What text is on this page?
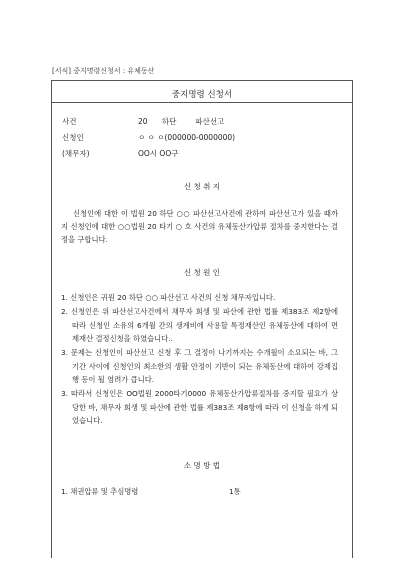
[서식] 중지명령신청서 : 유체동산
중지명령 신청서
사건	20      하단        파산선고
신청인	ㅇ ㅇ ㅇ(000000-0000000)
(채무자)	OO시 OO구
신 청 취 지
신청인에 대한 이 법원 20 하단 ○○ 파산선고사건에 관하여 파산선고가 있을 때까지 신청인에 대한 ○○법원 20 타기 ○ 호 사건의 유체동산가압류 절차를 중지한다는 결정을 구합니다.
신 청 원 인
1. 신청인은 귀원 20 하단 ○○ 파산선고 사건의 신청 채무자입니다.
2. 신청인은 위 파산선고사건에서 채무자 회생 및 파산에 관한 법률 제383조 제2항에 따라 신청인 소유의 6개월 간의 생계비에 사용할 특정재산인 유체동산에 대하여 면제재산 결정신청을 하였습니다..
3. 문제는 신청인이 파산선고 신청 후 그 결정이 나기까지는 수개월이 소요되는 바, 그 기간 사이에 신청인의 최소한의 생활 안정이 기반이 되는 유체동산에 대하여 강제집행 등이 될 염려가 큽니다.
3. 따라서 신청인은 OO법원 2000타기0000 유체동산가압류절차를 중지할 필요가 상당한 바, 채무자 회생 및 파산에 관한 법률 제383조 제8항에 따라 이 신청을 하게 되었습니다.
소 명 방 법
1. 채권압류 및 추심명령	1통
